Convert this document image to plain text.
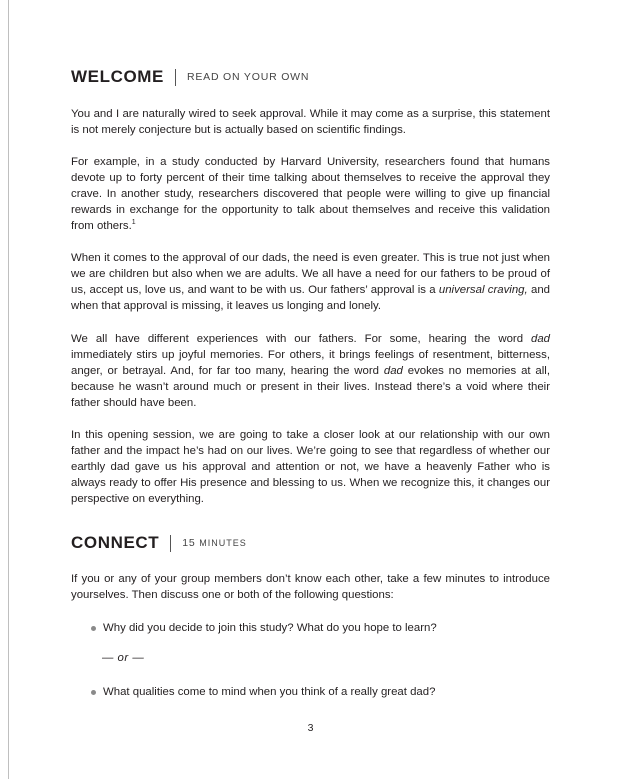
WELCOME READ ON YOUR OWN

You and I are naturally wired to seek approval. While it may come as a surprise, this statement is not merely conjecture but is actually based on scientific findings.

For example, in a study conducted by Harvard University, researchers found that humans devote up to forty percent of their time talking about themselves to receive the approval they crave. In another study, researchers discovered that people were willing to give up financial rewards in exchange for the opportunity to talk about themselves and receive this validation from others.$^1$

When it comes to the approval of our dads, the need is even greater. This is true not just when we are children but also when we are adults. We all have a need for our fathers to be proud of us, accept us, love us, and want to be with us. Our fathers’ approval is a universal craving, and when that approval is missing, it leaves us longing and lonely.

We all have different experiences with our fathers. For some, hearing the word dad immediately stirs up joyful memories. For others, it brings feelings of resentment, bitterness, anger, or betrayal. And, for far too many, hearing the word dad evokes no memories at all, because he wasn’t around much or present in their lives. Instead there’s a void where their father should have been.

In this opening session, we are going to take a closer look at our relationship with our own father and the impact he’s had on our lives. We’re going to see that regardless of whether our earthly dad gave us his approval and attention or not, we have a heavenly Father who is always ready to offer His presence and blessing to us. When we recognize this, it changes our perspective on everything.

CONNECT 15 MINUTES

If you or any of your group members don’t know each other, take a few minutes to introduce yourselves. Then discuss one or both of the following questions:

Why did you decide to join this study? What do you hope to learn?
— or —
What qualities come to mind when you think of a really great dad?
3
